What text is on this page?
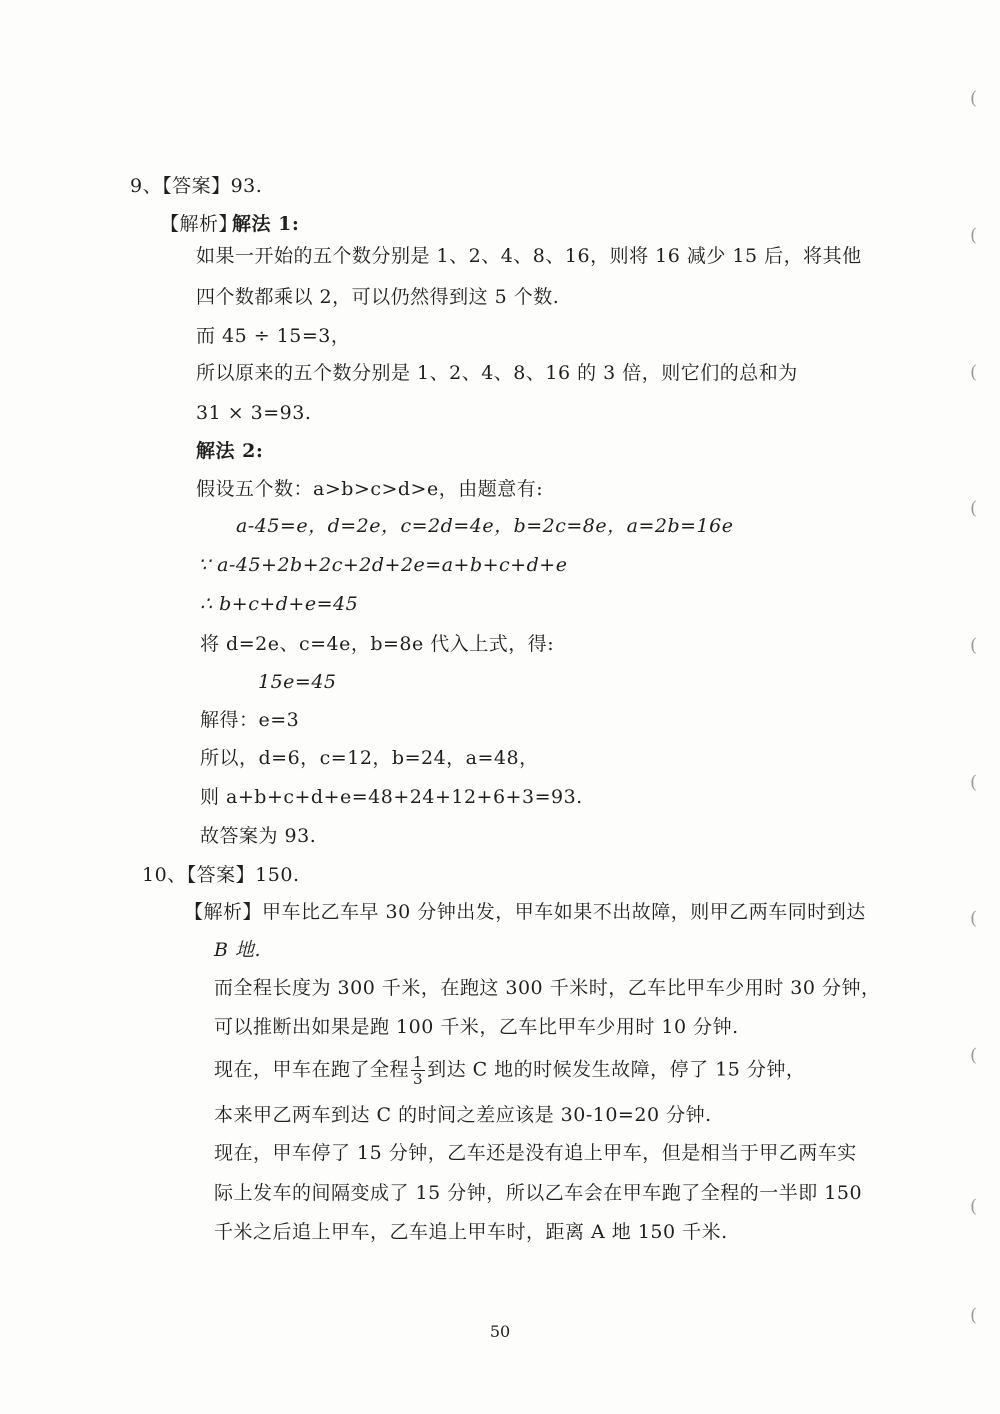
9、【答案】93.
【解析】
解法 1:
如果一开始的五个数分别是 1、2、4、8、16，则将 16 减少 15 后，将其他
四个数都乘以 2，可以仍然得到这 5 个数.
而 45 ÷ 15=3，
所以原来的五个数分别是 1、2、4、8、16 的 3 倍，则它们的总和为
31 × 3=93.
解法 2:
假设五个数：a>b>c>d>e，由题意有:
a-45=e，d=2e，c=2d=4e，b=2c=8e，a=2b=16e
∵ a-45+2b+2c+2d+2e=a+b+c+d+e
∴ b+c+d+e=45
将 d=2e、c=4e，b=8e 代入上式，得:
15e=45
解得：e=3
所以，d=6，c=12，b=24，a=48，
则 a+b+c+d+e=48+24+12+6+3=93.
故答案为 93.
10、【答案】150.
【解析】甲车比乙车早 30 分钟出发，甲车如果不出故障，则甲乙两车同时到达
B 地.
而全程长度为 300 千米，在跑这 300 千米时，乙车比甲车少用时 30 分钟，
可以推断出如果是跑 100 千米，乙车比甲车少用时 10 分钟.
现在，甲车在跑了全程 $\frac{1}{3}$ 到达 C 地的时候发生故障，停了 15 分钟，
本来甲乙两车到达 C 的时间之差应该是 30-10=20 分钟.
现在，甲车停了 15 分钟，乙车还是没有追上甲车，但是相当于甲乙两车实
际上发车的间隔变成了 15 分钟，所以乙车会在甲车跑了全程的一半即 150
千米之后追上甲车，乙车追上甲车时，距离 A 地 150 千米.
50
(
(
(
(
(
(
(
(
(
(
